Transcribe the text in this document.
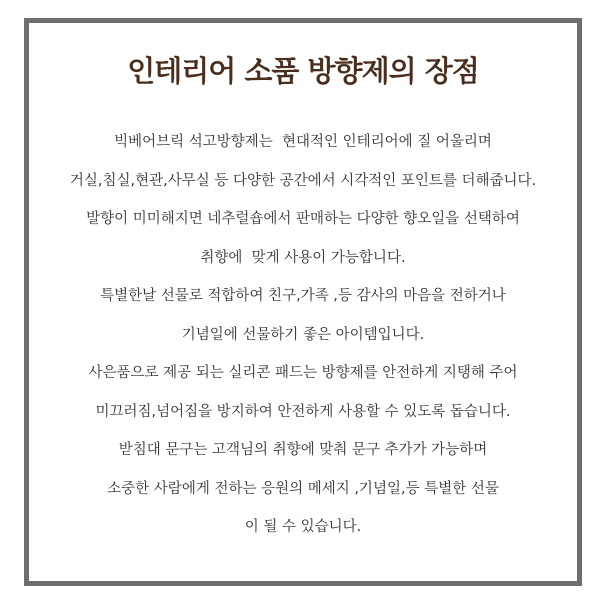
인테리어 소품 방향제의 장점
빅베어브릭 석고방향제는  현대적인 인테리어에 질 어울리며
거실,침실,현관,사무실 등 다양한 공간에서 시각적인 포인트를 더해줍니다.
발향이 미미해지면 네추럴숍에서 판매하는 다양한 향오일을 선택하여
취향에  맞게 사용이 가능합니다.
특별한날 선물로 적합하여 친구,가족 ,등 감사의 마음을 전하거나
기념일에 선물하기 좋은 아이템입니다.
사은품으로 제공 되는 실리콘 패드는 방향제를 안전하게 지탱해 주어
미끄러짐,넘어짐을 방지하여 안전하게 사용할 수 있도록 돕습니다.
받침대 문구는 고객님의 취향에 맞춰 문구 추가가 가능하며
소중한 사람에게 전하는 응원의 메세지 ,기념일,등 특별한 선물
이 될 수 있습니다.
